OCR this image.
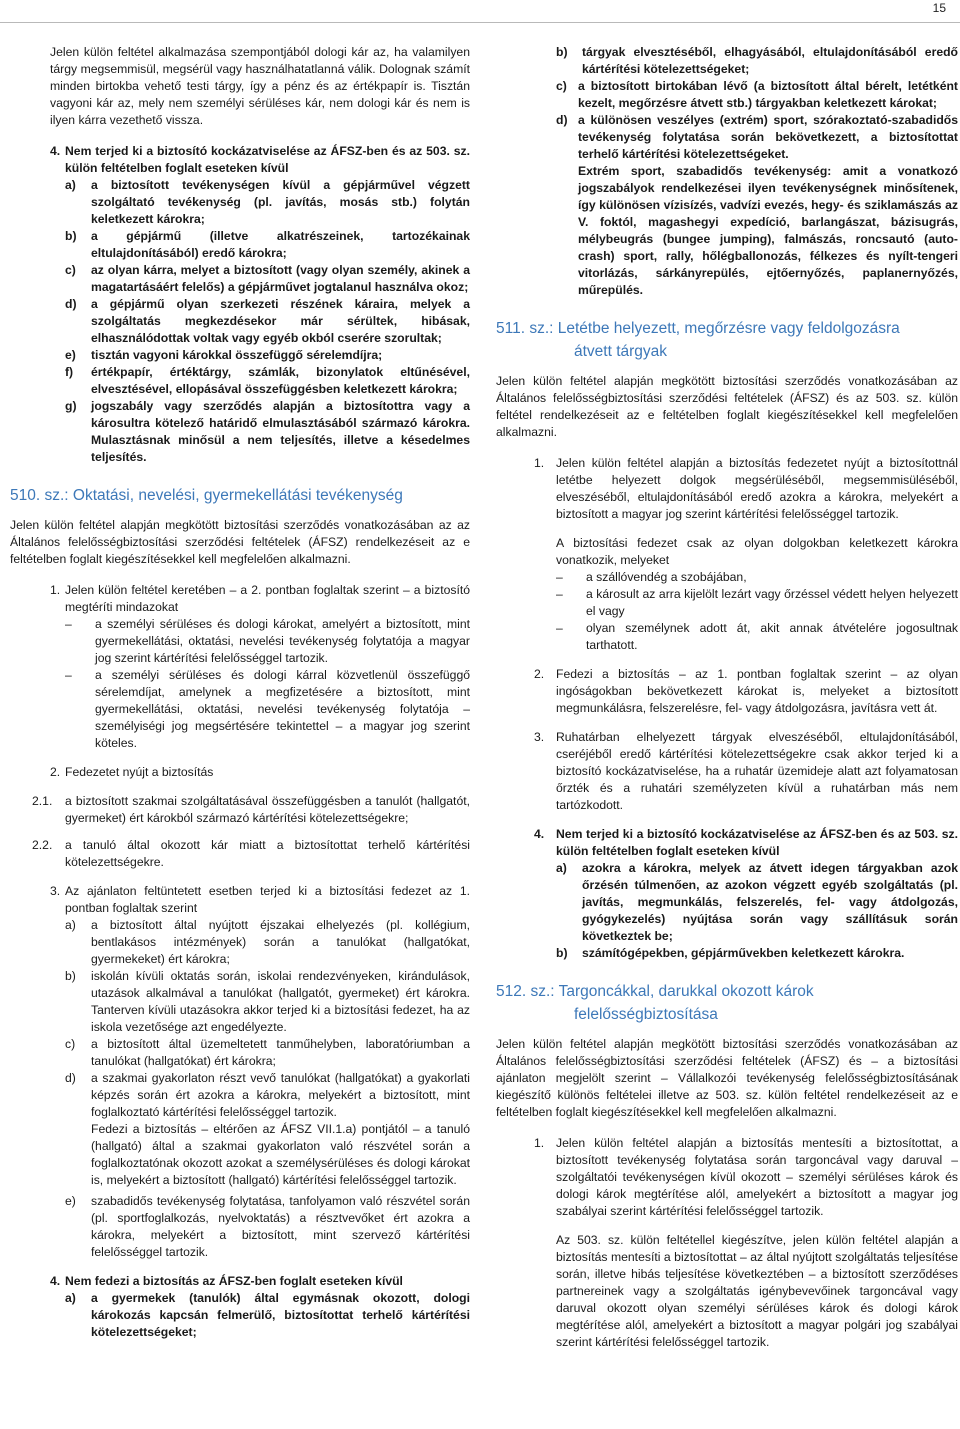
15

Jelen külön feltétel alkalmazása szempontjából dologi kár az, ha valamilyen tárgy megsemmisül, megsérül vagy használhatatlanná válik. Dolognak számít minden birtokba vehető testi tárgy, így a pénz és az értékpapír is. Tisztán vagyoni kár az, mely nem személyi sérüléses kár, nem dologi kár és nem is ilyen kárra vezethető vissza.

4. Nem terjed ki a biztosító kockázatviselése az ÁFSZ-ben és az 503. sz. külön feltételben foglalt eseteken kívül
a)	a biztosított tevékenységen kívül a gépjárművel végzett szolgáltató tevékenység (pl. javítás, mosás stb.) folytán keletkezett károkra;
b)	a gépjármű (illetve alkatrészeinek, tartozékainak eltulajdonításából) eredő károkra;
c)	az olyan kárra, melyet a biztosított (vagy olyan személy, akinek a magatartásáért felelős) a gépjárművet jogtalanul használva okoz;
d)	a gépjármű olyan szerkezeti részének káraira, melyek a szolgáltatás megkezdésekor már sérültek, hibásak, elhasználódottak voltak vagy egyéb okból cserére szorultak;
e)	tisztán vagyoni károkkal összefüggő sérelemdíjra;
f)	értékpapír, értéktárgy, számlák, bizonylatok eltűnésével, elvesztésével, ellopásával összefüggésben keletkezett károkra;
g)	jogszabály vagy szerződés alapján a biztosítottra vagy a károsultra kötelező határidő elmulasztásából származó károkra. Mulasztásnak minősül a nem teljesítés, illetve a késedelmes teljesítés.
510. sz.: Oktatási, nevelési, gyermekellátási tevékenység

Jelen külön feltétel alapján megkötött biztosítási szerződés vonatkozásában az az Általános felelősségbiztosítási szerződési feltételek (ÁFSZ) rendelkezéseit az e feltételben foglalt kiegészítésekkel kell megfelelően alkalmazni.

1. Jelen külön feltétel keretében – a 2. pontban foglaltak szerint – a biztosító megtéríti mindazokat
–	a személyi sérüléses és dologi károkat, amelyért a biztosított, mint gyermekellátási, oktatási, nevelési tevékenység folytatója a magyar jog szerint kártérítési felelősséggel tartozik.
–	a személyi sérüléses és dologi kárral közvetlenül összefüggő sérelemdíjat, amelynek a megfizetésére a biztosított, mint gyermekellátási, oktatási, nevelési tevékenység folytatója – személyiségi jog megsértésére tekintettel – a magyar jog szerint köteles.
2. Fedezetet nyújt a biztosítás
2.1.	a biztosított szakmai szolgáltatásával összefüggésben a tanulót (hallgatót, gyermeket) ért károkból származó kártérítési kötelezettségekre;
2.2.	a tanuló által okozott kár miatt a biztosítottat terhelő kártérítési kötelezettségekre.
3. Az ajánlaton feltüntetett esetben terjed ki a biztosítási fedezet az 1. pontban foglaltak szerint
a)	a biztosított által nyújtott éjszakai elhelyezés (pl. kollégium, bentlakásos intézmények) során a tanulókat (hallgatókat, gyermekeket) ért károkra;
b)	iskolán kívüli oktatás során, iskolai rendezvényeken, kirándulások, utazások alkalmával a tanulókat (hallgatót, gyermeket) ért károkra. Tanterven kívüli utazásokra akkor terjed ki a biztosítási fedezet, ha az iskola vezetősége azt engedélyezte.
c)	a biztosított által üzemeltetett tanműhelyben, laboratóriumban a tanulókat (hallgatókat) ért károkra;
d)	a szakmai gyakorlaton részt vevő tanulókat (hallgatókat) a gyakorlati képzés során ért azokra a károkra, melyekért a biztosított, mint foglalkoztató kártérítési felelősséggel tartozik.

Fedezi a biztosítás – eltérően az ÁFSZ VII.1.a) pontjától – a tanuló (hallgató) által a szakmai gyakorlaton való részvétel során a foglalkoztatónak okozott azokat a személysérüléses és dologi károkat is, melyekért a biztosított (hallgató) kártérítési felelősséggel tartozik.

e)	szabadidős tevékenység folytatása, tanfolyamon való részvétel során (pl. sportfoglalkozás, nyelvoktatás) a résztvevőket ért azokra a károkra, melyekért a biztosított, mint szervező kártérítési felelősséggel tartozik.
4. Nem fedezi a biztosítás az ÁFSZ-ben foglalt eseteken kívül
a)	a gyermekek (tanulók) által egymásnak okozott, dologi károkozás kapcsán felmerülő, biztosítottat terhelő kártérítési kötelezettségeket;
b)	tárgyak elvesztéséből, elhagyásából, eltulajdonításából eredő kártérítési kötelezettségeket;
c) a biztosított birtokában lévő (a biztosított által bérelt, letétként kezelt, megőrzésre átvett stb.) tárgyakban keletkezett károkat;
d) a különösen veszélyes (extrém) sport, szórakoztató-szabadidős tevékenység folytatása során bekövetkezett, a biztosítottat terhelő kártérítési kötelezettségeket.

Extrém sport, szabadidős tevékenység: amit a vonatkozó jogszabályok rendelkezései ilyen tevékenységnek minősítenek, így különösen vízisízés, vadvízi evezés, hegy- és sziklamászás az V. foktól, magashegyi expedíció, barlangászat, bázisugrás, mélybeugrás (bungee jumping), falmászás, roncsautó (auto-crash) sport, rally, hőlégballonozás, félkezes és nyílt-tengeri vitorlázás, sárkányrepülés, ejtőernyőzés, paplanernyőzés, műrepülés.

511. sz.: Letétbe helyezett, megőrzésre vagy feldolgozásra
átvett tárgyak

Jelen külön feltétel alapján megkötött biztosítási szerződés vonatkozásában az Általános felelősségbiztosítási szerződési feltételek (ÁFSZ) és az 503. sz. külön feltétel rendelkezéseit az e feltételben foglalt kiegészítésekkel kell megfelelően alkalmazni.

1. Jelen külön feltétel alapján a biztosítás fedezetet nyújt a biztosítottnál letétbe helyezett dolgok megsérüléséből, megsemmisüléséből, elveszéséből, eltulajdonításából eredő azokra a károkra, melyekért a biztosított a magyar jog szerint kártérítési felelősséggel tartozik.

A biztosítási fedezet csak az olyan dolgokban keletkezett károkra vonatkozik, melyeket

–	a szállóvendég a szobájában,
–	a károsult az arra kijelölt lezárt vagy őrzéssel védett helyen helyezett el vagy
–	olyan személynek adott át, akit annak átvételére jogosultnak tarthatott.
2. Fedezi a biztosítás – az 1. pontban foglaltak szerint – az olyan ingóságokban bekövetkezett károkat is, melyeket a biztosított megmunkálásra, felszerelésre, fel- vagy átdolgozásra, javításra vett át.
3. Ruhatárban elhelyezett tárgyak elveszéséből, eltulajdonításából, cseréjéből eredő kártérítési kötelezettségekre csak akkor terjed ki a biztosító kockázatviselése, ha a ruhatár üzemideje alatt azt folyamatosan őrzték és a ruhatári személyzeten kívül a ruhatárban más nem tartózkodott.
4. Nem terjed ki a biztosító kockázatviselése az ÁFSZ-ben és az 503. sz. külön feltételben foglalt eseteken kívül
a)	azokra a károkra, melyek az átvett idegen tárgyakban azok őrzésén túlmenően, az azokon végzett egyéb szolgáltatás (pl. javítás, megmunkálás, felszerelés, fel- vagy átdolgozás, gyógykezelés) nyújtása során vagy szállításuk során következtek be;
b)	számítógépekben, gépjárművekben keletkezett károkra.
512. sz.: Targoncákkal, darukkal okozott károk
felelősségbiztosítása

Jelen külön feltétel alapján megkötött biztosítási szerződés vonatkozásában az Általános felelősségbiztosítási szerződési feltételek (ÁFSZ) és – a biztosítási ajánlaton megjelölt szerint – Vállalkozói tevékenység felelősségbiztosításának kiegészítő különös feltételei illetve az 503. sz. külön feltétel rendelkezéseit az e feltételben foglalt kiegészítésekkel kell megfelelően alkalmazni.

1. Jelen külön feltétel alapján a biztosítás mentesíti a biztosítottat, a biztosított tevékenység folytatása során targoncával vagy daruval – szolgáltatói tevékenységen kívül okozott – személyi sérüléses károk és dologi károk megtérítése alól, amelyekért a biztosított a magyar jog szabályai szerint kártérítési felelősséggel tartozik.

Az 503. sz. külön feltétellel kiegészítve, jelen külön feltétel alapján a biztosítás mentesíti a biztosítottat – az által nyújtott szolgáltatás teljesítése során, illetve hibás teljesítése következtében – a biztosított szerződéses partnereinek vagy a szolgáltatás igénybevevőinek targoncával vagy daruval okozott olyan személyi sérüléses károk és dologi károk megtérítése alól, amelyekért a biztosított a magyar polgári jog szabályai szerint kártérítési felelősséggel tartozik.
